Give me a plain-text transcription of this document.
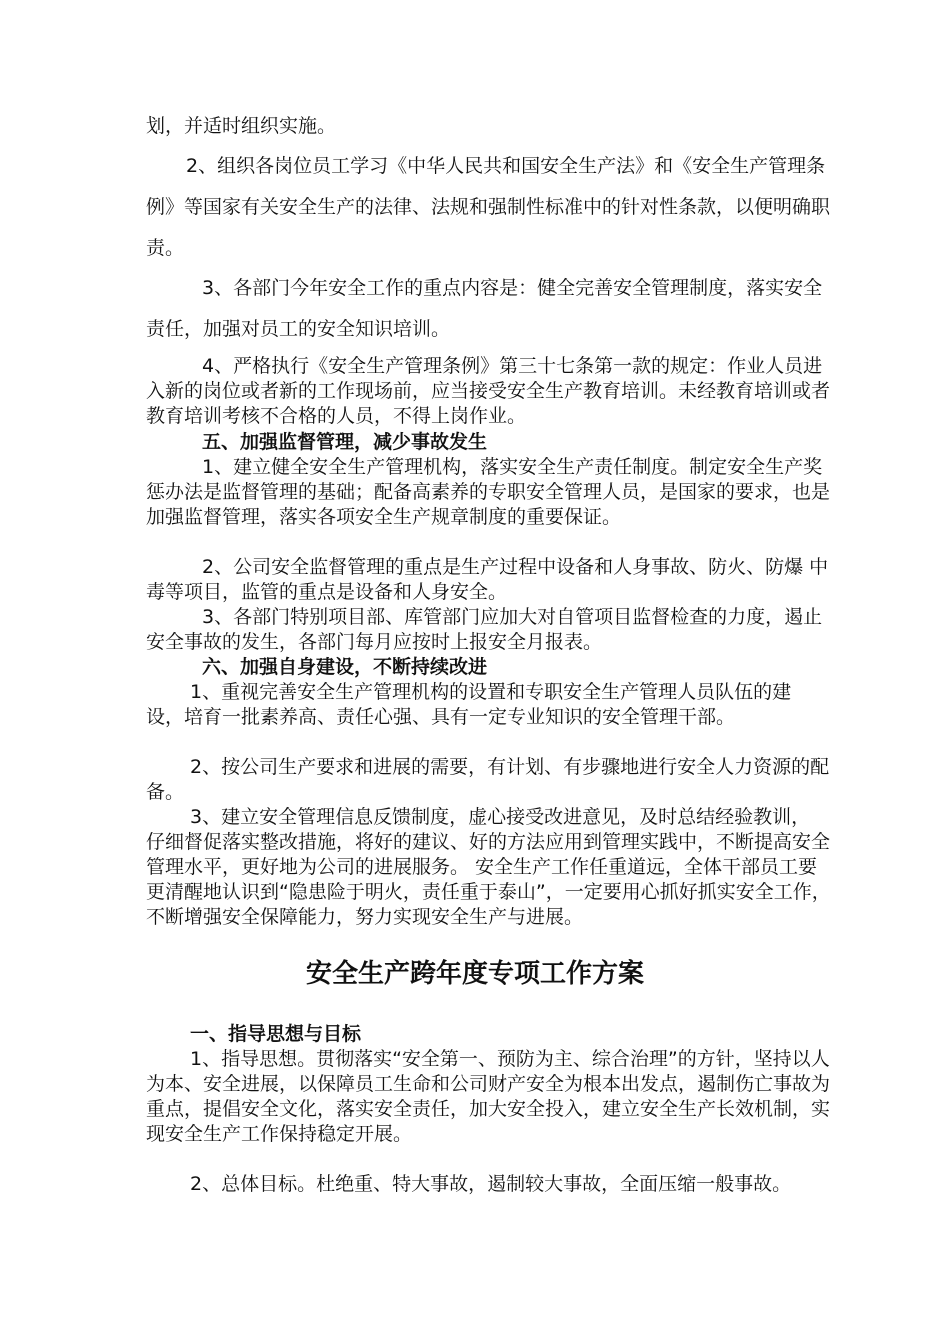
划，并适时组织实施。

2、组织各岗位员工学习《中华人民共和国安全生产法》和《安全生产管理条例》等国家有关安全生产的法律、法规和强制性标准中的针对性条款，以便明确职责。

3、各部门今年安全工作的重点内容是：健全完善安全管理制度，落实安全 责任，加强对员工的安全知识培训。

4、严格执行《安全生产管理条例》第三十七条第一款的规定：作业人员进 入新的岗位或者新的工作现场前，应当接受安全生产教育培训。未经教育培训或者教育培训考核不合格的人员，不得上岗作业。

五、加强监督管理，减少事故发生

1、建立健全安全生产管理机构，落实安全生产责任制度。制定安全生产奖 惩办法是监督管理的基础；配备高素养的专职安全管理人员，是国家的要求，也是加强监督管理，落实各项安全生产规章制度的重要保证。

2、公司安全监督管理的重点是生产过程中设备和人身事故、防火、防爆 中毒等项目，监管的重点是设备和人身安全。

3、各部门特别项目部、库管部门应加大对自管项目监督检查的力度，遏止安全事故的发生，各部门每月应按时上报安全月报表。

六、加强自身建设，不断持续改进

1、重视完善安全生产管理机构的设置和专职安全生产管理人员队伍的建 设，培育一批素养高、责任心强、具有一定专业知识的安全管理干部。

2、按公司生产要求和进展的需要，有计划、有步骤地进行安全人力资源的配备。

3、建立安全管理信息反馈制度，虚心接受改进意见，及时总结经验教训， 仔细督促落实整改措施，将好的建议、好的方法应用到管理实践中，不断提高安全管理水平，更好地为公司的进展服务。 安全生产工作任重道远，全体干部员工要更清醒地认识到“隐患险于明火，责任重于泰山”，一定要用心抓好抓实安全工作，不断增强安全保障能力，努力实现安全生产与进展。

安全生产跨年度专项工作方案

一、指导思想与目标

1、指导思想。贯彻落实“安全第一、预防为主、综合治理”的方针，坚持以人为本、安全进展，以保障员工生命和公司财产安全为根本出发点，遏制伤亡事故为重点，提倡安全文化，落实安全责任，加大安全投入，建立安全生产长效机制，实现安全生产工作保持稳定开展。

2、总体目标。杜绝重、特大事故，遏制较大事故，全面压缩一般事故。
